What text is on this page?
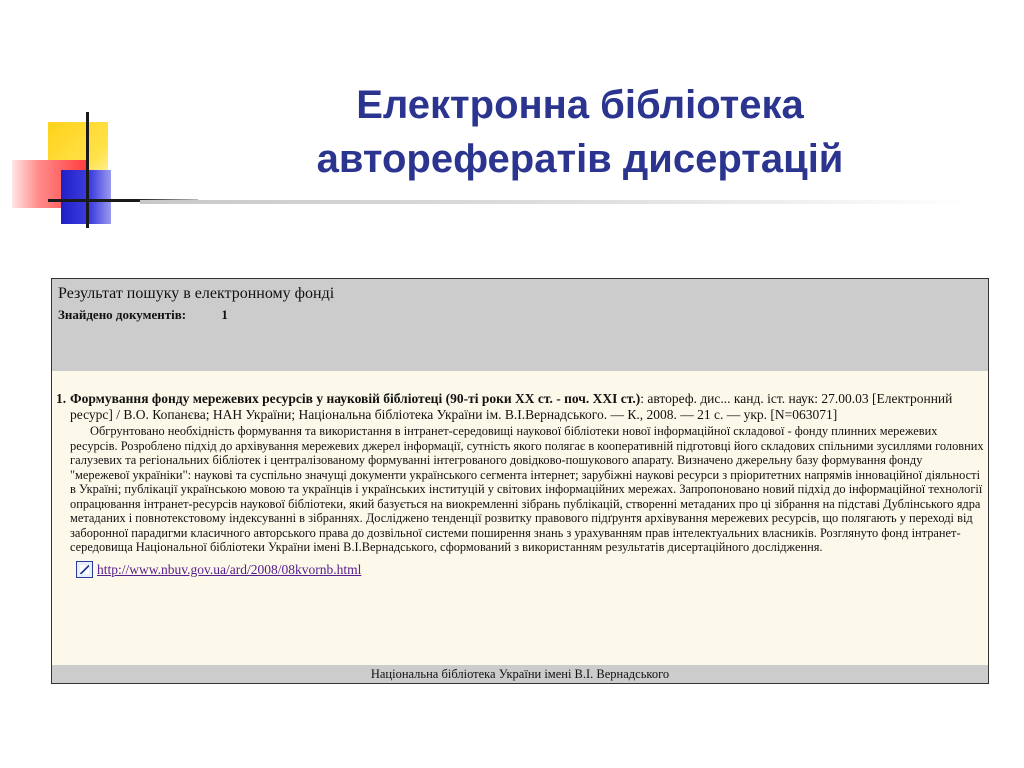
Електронна бібліотека
авторефератів дисертацій
Результат пошуку в електронному фонді
Знайдено документів:	1
1. Формування фонду мережевих ресурсів у науковій бібліотеці (90-ті роки ХХ ст. - поч. ХХІ ст.): автореф. дис... канд. іст. наук: 27.00.03 [Електронний ресурс] / В.О. Копанєва; НАН України; Національна бібліотека України ім. В.І.Вернадського. — К., 2008. — 21 с. — укр. [N=063071]
Обгрунтовано необхідність формування та використання в інтранет-середовищі наукової бібліотеки нової інформаційної складової - фонду плинних мережевих ресурсів. Розроблено підхід до архівування мережевих джерел інформації, сутність якого полягає в кооперативній підготовці його складових спільними зусиллями головних галузевих та регіональних бібліотек і централізованому формуванні інтегрованого довідково-пошукового апарату. Визначено джерельну базу формування фонду "мережевої україніки": наукові та суспільно значущі документи українського сегмента інтернет; зарубіжні наукові ресурси з пріоритетних напрямів інноваційної діяльності в Україні; публікації українською мовою та українців і українських інституцій у світових інформаційних мережах. Запропоновано новий підхід до інформаційної технології опрацювання інтранет-ресурсів наукової бібліотеки, який базується на виокремленні зібрань публікацій, створенні метаданих про ці зібрання на підставі Дублінського ядра метаданих і повнотекстовому індексуванні в зібраннях. Досліджено тенденції розвитку правового підґрунтя архівування мережевих ресурсів, що полягають у переході від заборонної парадигми класичного авторського права до дозвільної системи поширення знань з урахуванням прав інтелектуальних власників. Розглянуто фонд інтранет-середовища Національної бібліотеки України імені В.І.Вернадського, сформований з використанням результатів дисертаційного дослідження.
http://www.nbuv.gov.ua/ard/2008/08kvornb.html
Національна бібліотека України імені В.І. Вернадського
